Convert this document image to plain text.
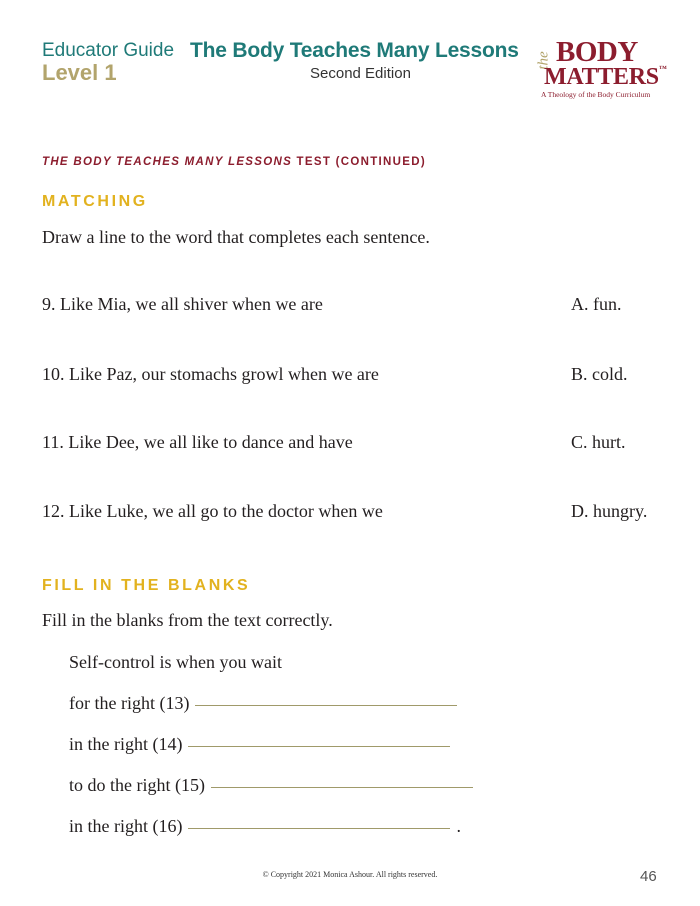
Educator Guide
Level 1
The Body Teaches Many Lessons
Second Edition
the BODY
MATTERS™
A Theology of the Body Curriculum
THE BODY TEACHES MANY LESSONS TEST (CONTINUED)
MATCHING
Draw a line to the word that completes each sentence.
9. Like Mia, we all shiver when we are
10. Like Paz, our stomachs growl when we are
11. Like Dee, we all like to dance and have
12. Like Luke, we all go to the doctor when we
A. fun.
B. cold.
C. hurt.
D. hungry.
FILL IN THE BLANKS
Fill in the blanks from the text correctly.
Self-control is when you wait
for the right (13)
in the right (14)
to do the right (15)
in the right (16)	.
© Copyright 2021 Monica Ashour. All rights reserved.	46
